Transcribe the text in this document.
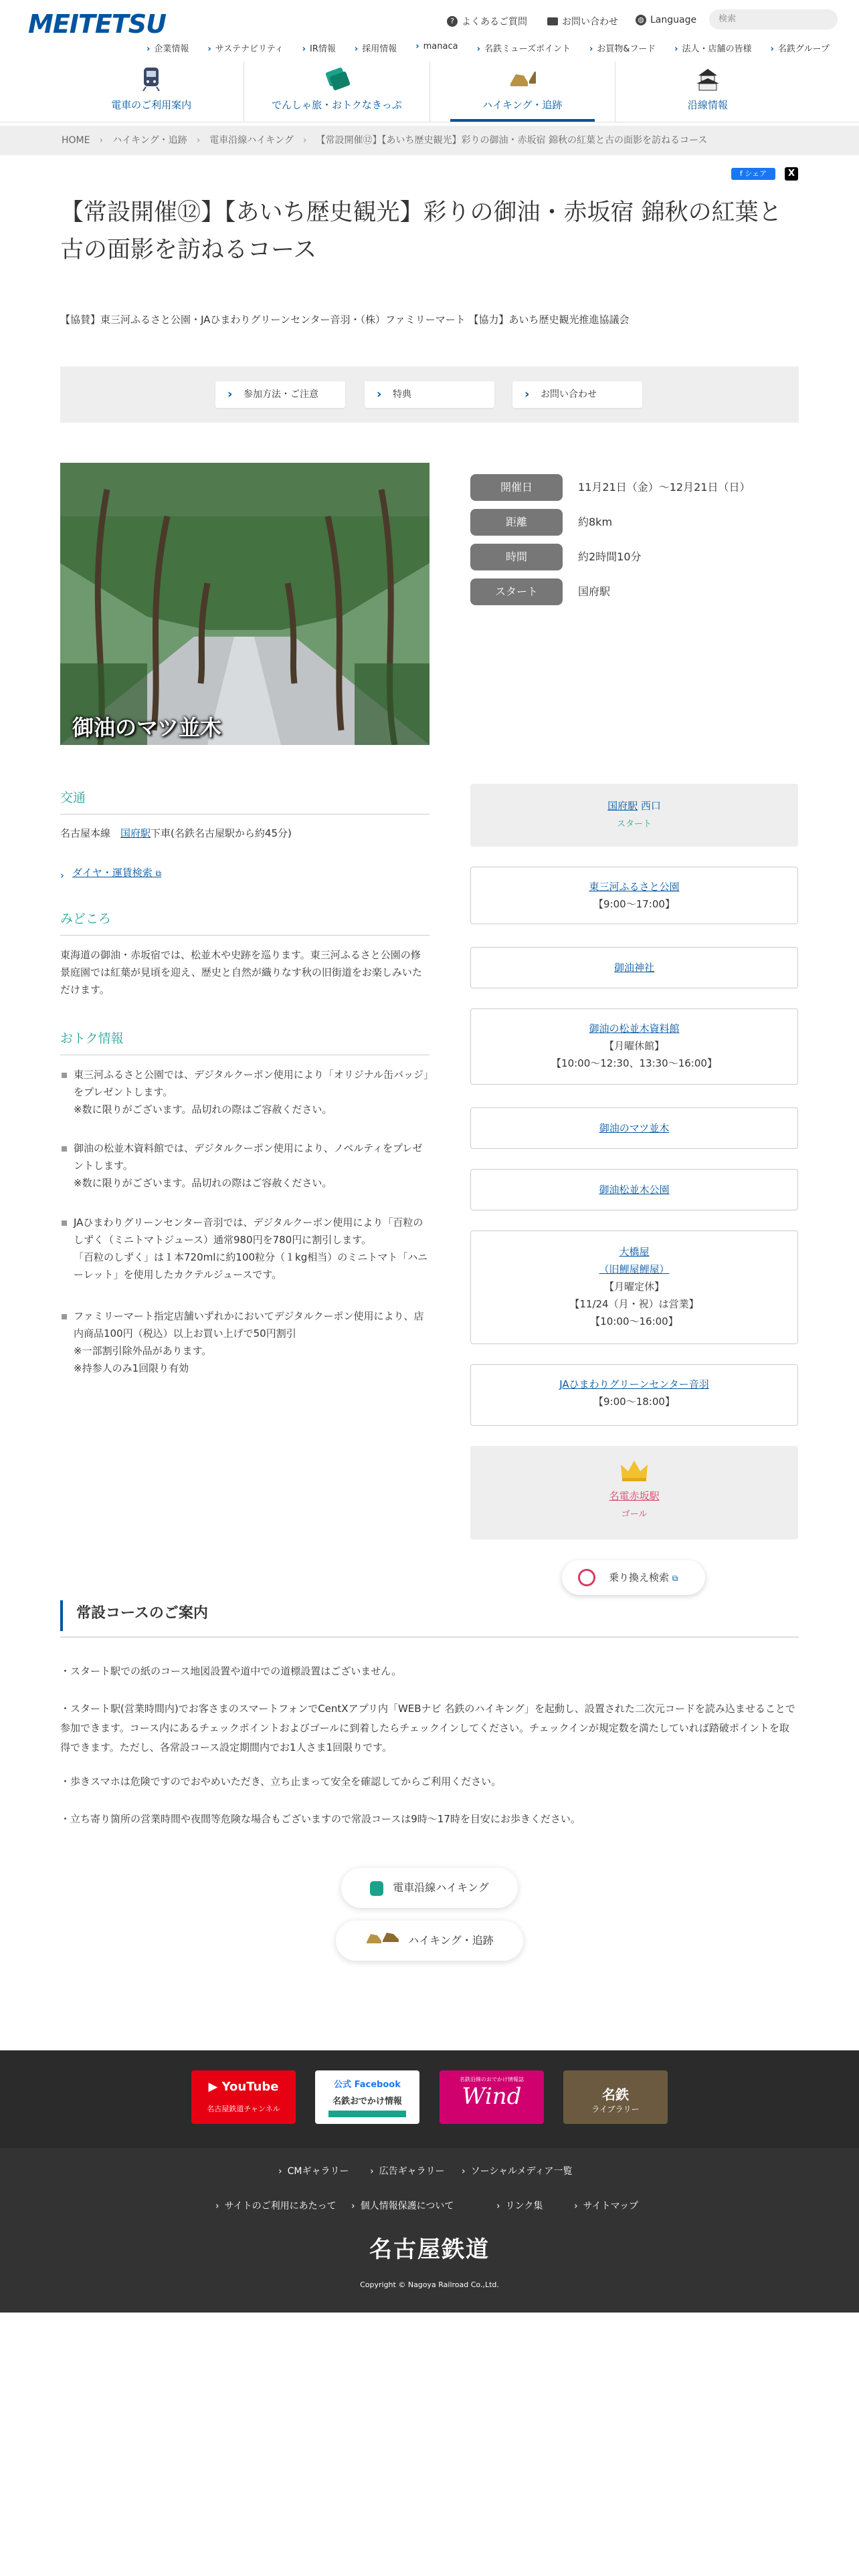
MEITETSU	? よくあるご質問	お問い合わせ	◍ Language	検索
› 企業情報	› サステナビリティ	› IR情報	› 採用情報	› manaca	› 名鉄ミューズポイント	› お買物&フード	› 法人・店舗の皆様	› 名鉄グループ
電車のご利用案内	でんしゃ旅・おトクなきっぷ	ハイキング・追跡	沿線情報
HOME › ハイキング・追跡 › 電車沿線ハイキング › 【常設開催⑫】【あいち歴史観光】彩りの御油・赤坂宿 錦秋の紅葉と古の面影を訪ねるコース
f シェア	X
【常設開催⑫】【あいち歴史観光】彩りの御油・赤坂宿 錦秋の紅葉と古の面影を訪ねるコース

【協賛】東三河ふるさと公園・JAひまわりグリーンセンター音羽・（株）ファミリーマート 【協力】あいち歴史観光推進協議会

› 参加方法・ご注意	› 特典	› お問い合わせ
御油のマツ並木
開催日	11月21日（金）〜12月21日（日）
距離	約8km
時間	約2時間10分
スタート	国府駅
交通
名古屋本線　 国府駅下車(名鉄名古屋駅から約45分)
ダイヤ・運賃検索 ⧉
›
みどころ
東海道の御油・赤坂宿では、松並木や史跡を巡ります。東三河ふるさと公園の修景庭園では紅葉が見頃を迎え、歴史と自然が織りなす秋の旧街道をお楽しみいただけます。
おトク情報
東三河ふるさと公園では、デジタルクーポン使用により「オリジナル缶バッジ」をプレゼントします。
※数に限りがございます。品切れの際はご容赦ください。
御油の松並木資料館では、デジタルクーポン使用により、ノベルティをプレゼントします。
※数に限りがございます。品切れの際はご容赦ください。
JAひまわりグリーンセンター音羽では、デジタルクーポン使用により「百粒のしずく（ミニトマトジュース）通常980円を780円に割引します。
「百粒のしずく」は１本720mlに約100粒分（１kg相当）のミニトマト「ハニーレット」を使用したカクテルジュースです。
ファミリーマート指定店舗いずれかにおいてデジタルクーポン使用により、店内商品100円（税込）以上お買い上げで50円割引
※一部割引除外品があります。
※持参人のみ1回限り有効
国府駅 西口
スタート
東三河ふるさと公園
【9:00〜17:00】
御油神社
御油の松並木資料館
【月曜休館】
【10:00〜12:30、13:30〜16:00】
御油のマツ並木
御油松並木公園
大橋屋
（旧鯉屋鯉屋）
【月曜定休】
【11/24（月・祝）は営業】
【10:00〜16:00】
JAひまわりグリーンセンター音羽
【9:00〜18:00】
名電赤坂駅
ゴール
乗り換え検索 ⧉
常設コースのご案内

・スタート駅での紙のコース地図設置や道中での道標設置はございません。

・スタート駅(営業時間内)でお客さまのスマートフォンでCentXアプリ内「WEBナビ 名鉄のハイキング」を起動し、設置された二次元コードを読み込ませることで参加できます。コース内にあるチェックポイントおよびゴールに到着したらチェックインしてください。チェックインが規定数を満たしていれば踏破ポイントを取得できます。ただし、各常設コース設定期間内でお1人さま1回限りです。

・歩きスマホは危険ですのでおやめいただき、立ち止まって安全を確認してからご利用ください。

・立ち寄り箇所の営業時間や夜間等危険な場合もございますので常設コースは9時〜17時を目安にお歩きください。

電車沿線ハイキング
ハイキング・追跡
▶ YouTube
名古屋鉄道チャンネル
公式 Facebook
名鉄おでかけ情報
名鉄沿線のおでかけ情報誌
Wind	名鉄
ライブラリー
› CMギャラリー	› 広告ギャラリー	› ソーシャルメディア一覧
› サイトのご利用にあたって	› 個人情報保護について	› リンク集	› サイトマップ
名古屋鉄道
Copyright © Nagoya Railroad Co.,Ltd.
